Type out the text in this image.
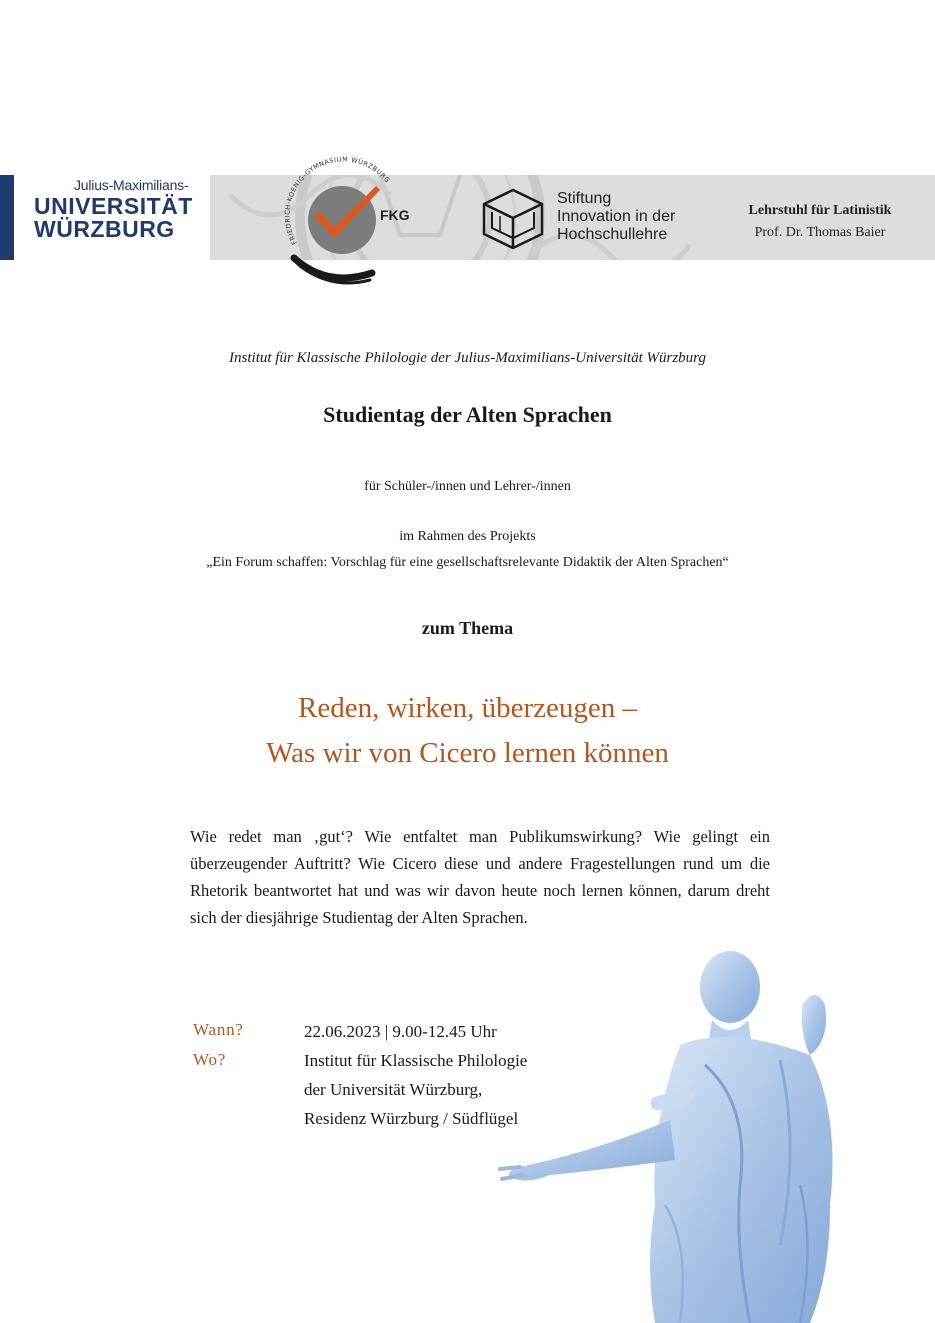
Julius-Maximilians-
UNIVERSITÄT
WÜRZBURG
FRIEDRICH-KOENIG-GYMNASIUM WÜRZBURG
FKG
Stiftung
Innovation in der
Hochschullehre
Lehrstuhl für Latinistik
Prof. Dr. Thomas Baier
Institut für Klassische Philologie der Julius-Maximilians-Universität Würzburg
Studientag der Alten Sprachen
für Schüler-/innen und Lehrer-/innen
im Rahmen des Projekts
„Ein Forum schaffen: Vorschlag für eine gesellschaftsrelevante Didaktik der Alten Sprachen“
zum Thema
Reden, wirken, überzeugen –
Was wir von Cicero lernen können
Wie redet man ‚gut‘? Wie entfaltet man Publikumswirkung? Wie gelingt ein überzeugender Auftritt? Wie Cicero diese und andere Fragestellungen rund um die Rhetorik beantwortet hat und was wir davon heute noch lernen können, darum dreht sich der diesjährige Studientag der Alten Sprachen.
Wann?	22.06.2023 | 9.00-12.45 Uhr
Wo?	Institut für Klassische Philologie
der Universität Würzburg,
Residenz Würzburg / Südflügel
